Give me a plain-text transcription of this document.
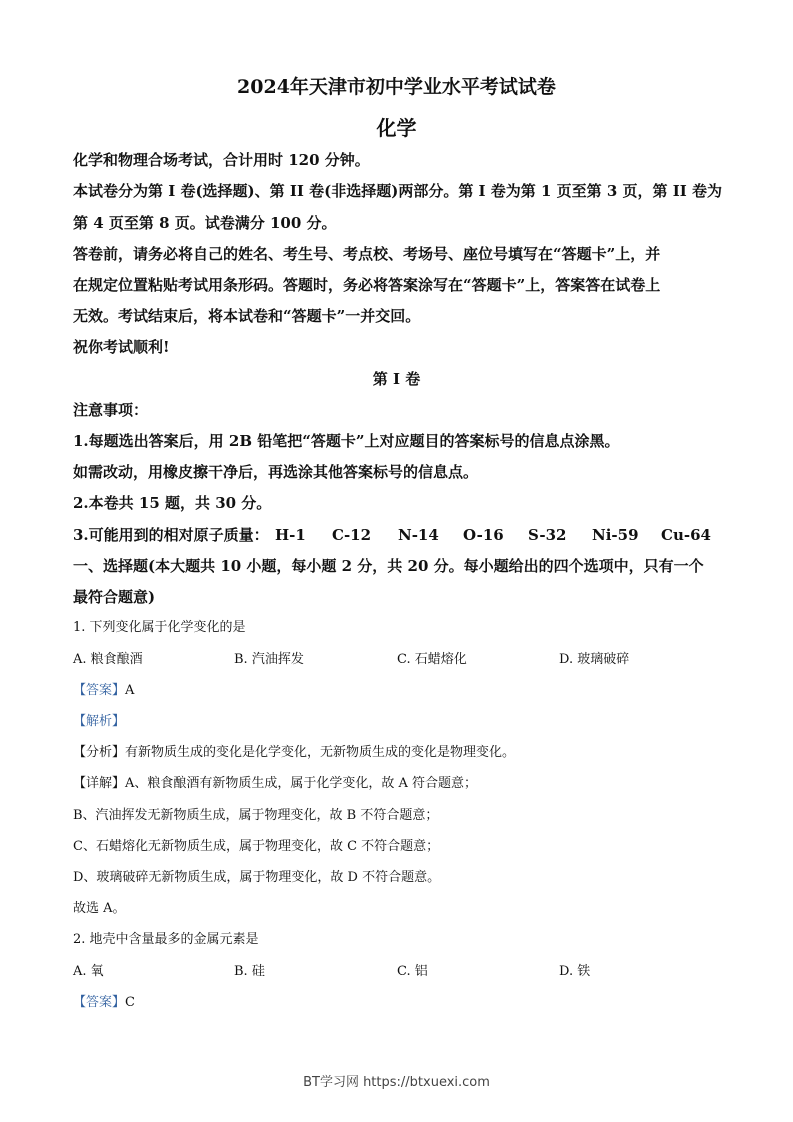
2024年天津市初中学业水平考试试卷
化学
化学和物理合场考试，合计用时 120 分钟。
本试卷分为第 I 卷(选择题)、第 II 卷(非选择题)两部分。第 I 卷为第 1 页至第 3 页，第 II 卷为
第 4 页至第 8 页。试卷满分 100 分。
答卷前，请务必将自己的姓名、考生号、考点校、考场号、座位号填写在“答题卡”上，并
在规定位置粘贴考试用条形码。答题时，务必将答案涂写在“答题卡”上，答案答在试卷上
无效。考试结束后，将本试卷和“答题卡”一并交回。
祝你考试顺利!
第 I 卷
注意事项：
1.每题选出答案后，用 2B 铅笔把“答题卡”上对应题目的答案标号的信息点涂黑。
如需改动，用橡皮擦干净后，再选涂其他答案标号的信息点。
2.本卷共 15 题，共 30 分。
3.可能用到的相对原子质量： H-1 C-12 N-14 O-16 S-32 Ni-59 Cu-64
一、选择题(本大题共 10 小题，每小题 2 分，共 20 分。每小题给出的四个选项中，只有一个
最符合题意)
1. 下列变化属于化学变化的是
A. 粮食酿酒	B. 汽油挥发	C. 石蜡熔化	D. 玻璃破碎
【答案】A
【解析】
【分析】有新物质生成的变化是化学变化，无新物质生成的变化是物理变化。
【详解】A、粮食酿酒有新物质生成，属于化学变化，故 A 符合题意；
B、汽油挥发无新物质生成，属于物理变化，故 B 不符合题意；
C、石蜡熔化无新物质生成，属于物理变化，故 C 不符合题意；
D、玻璃破碎无新物质生成，属于物理变化，故 D 不符合题意。
故选 A。
2. 地壳中含量最多的金属元素是
A. 氧	B. 硅	C. 铝	D. 铁
【答案】C
BT学习网 https://btxuexi.com
